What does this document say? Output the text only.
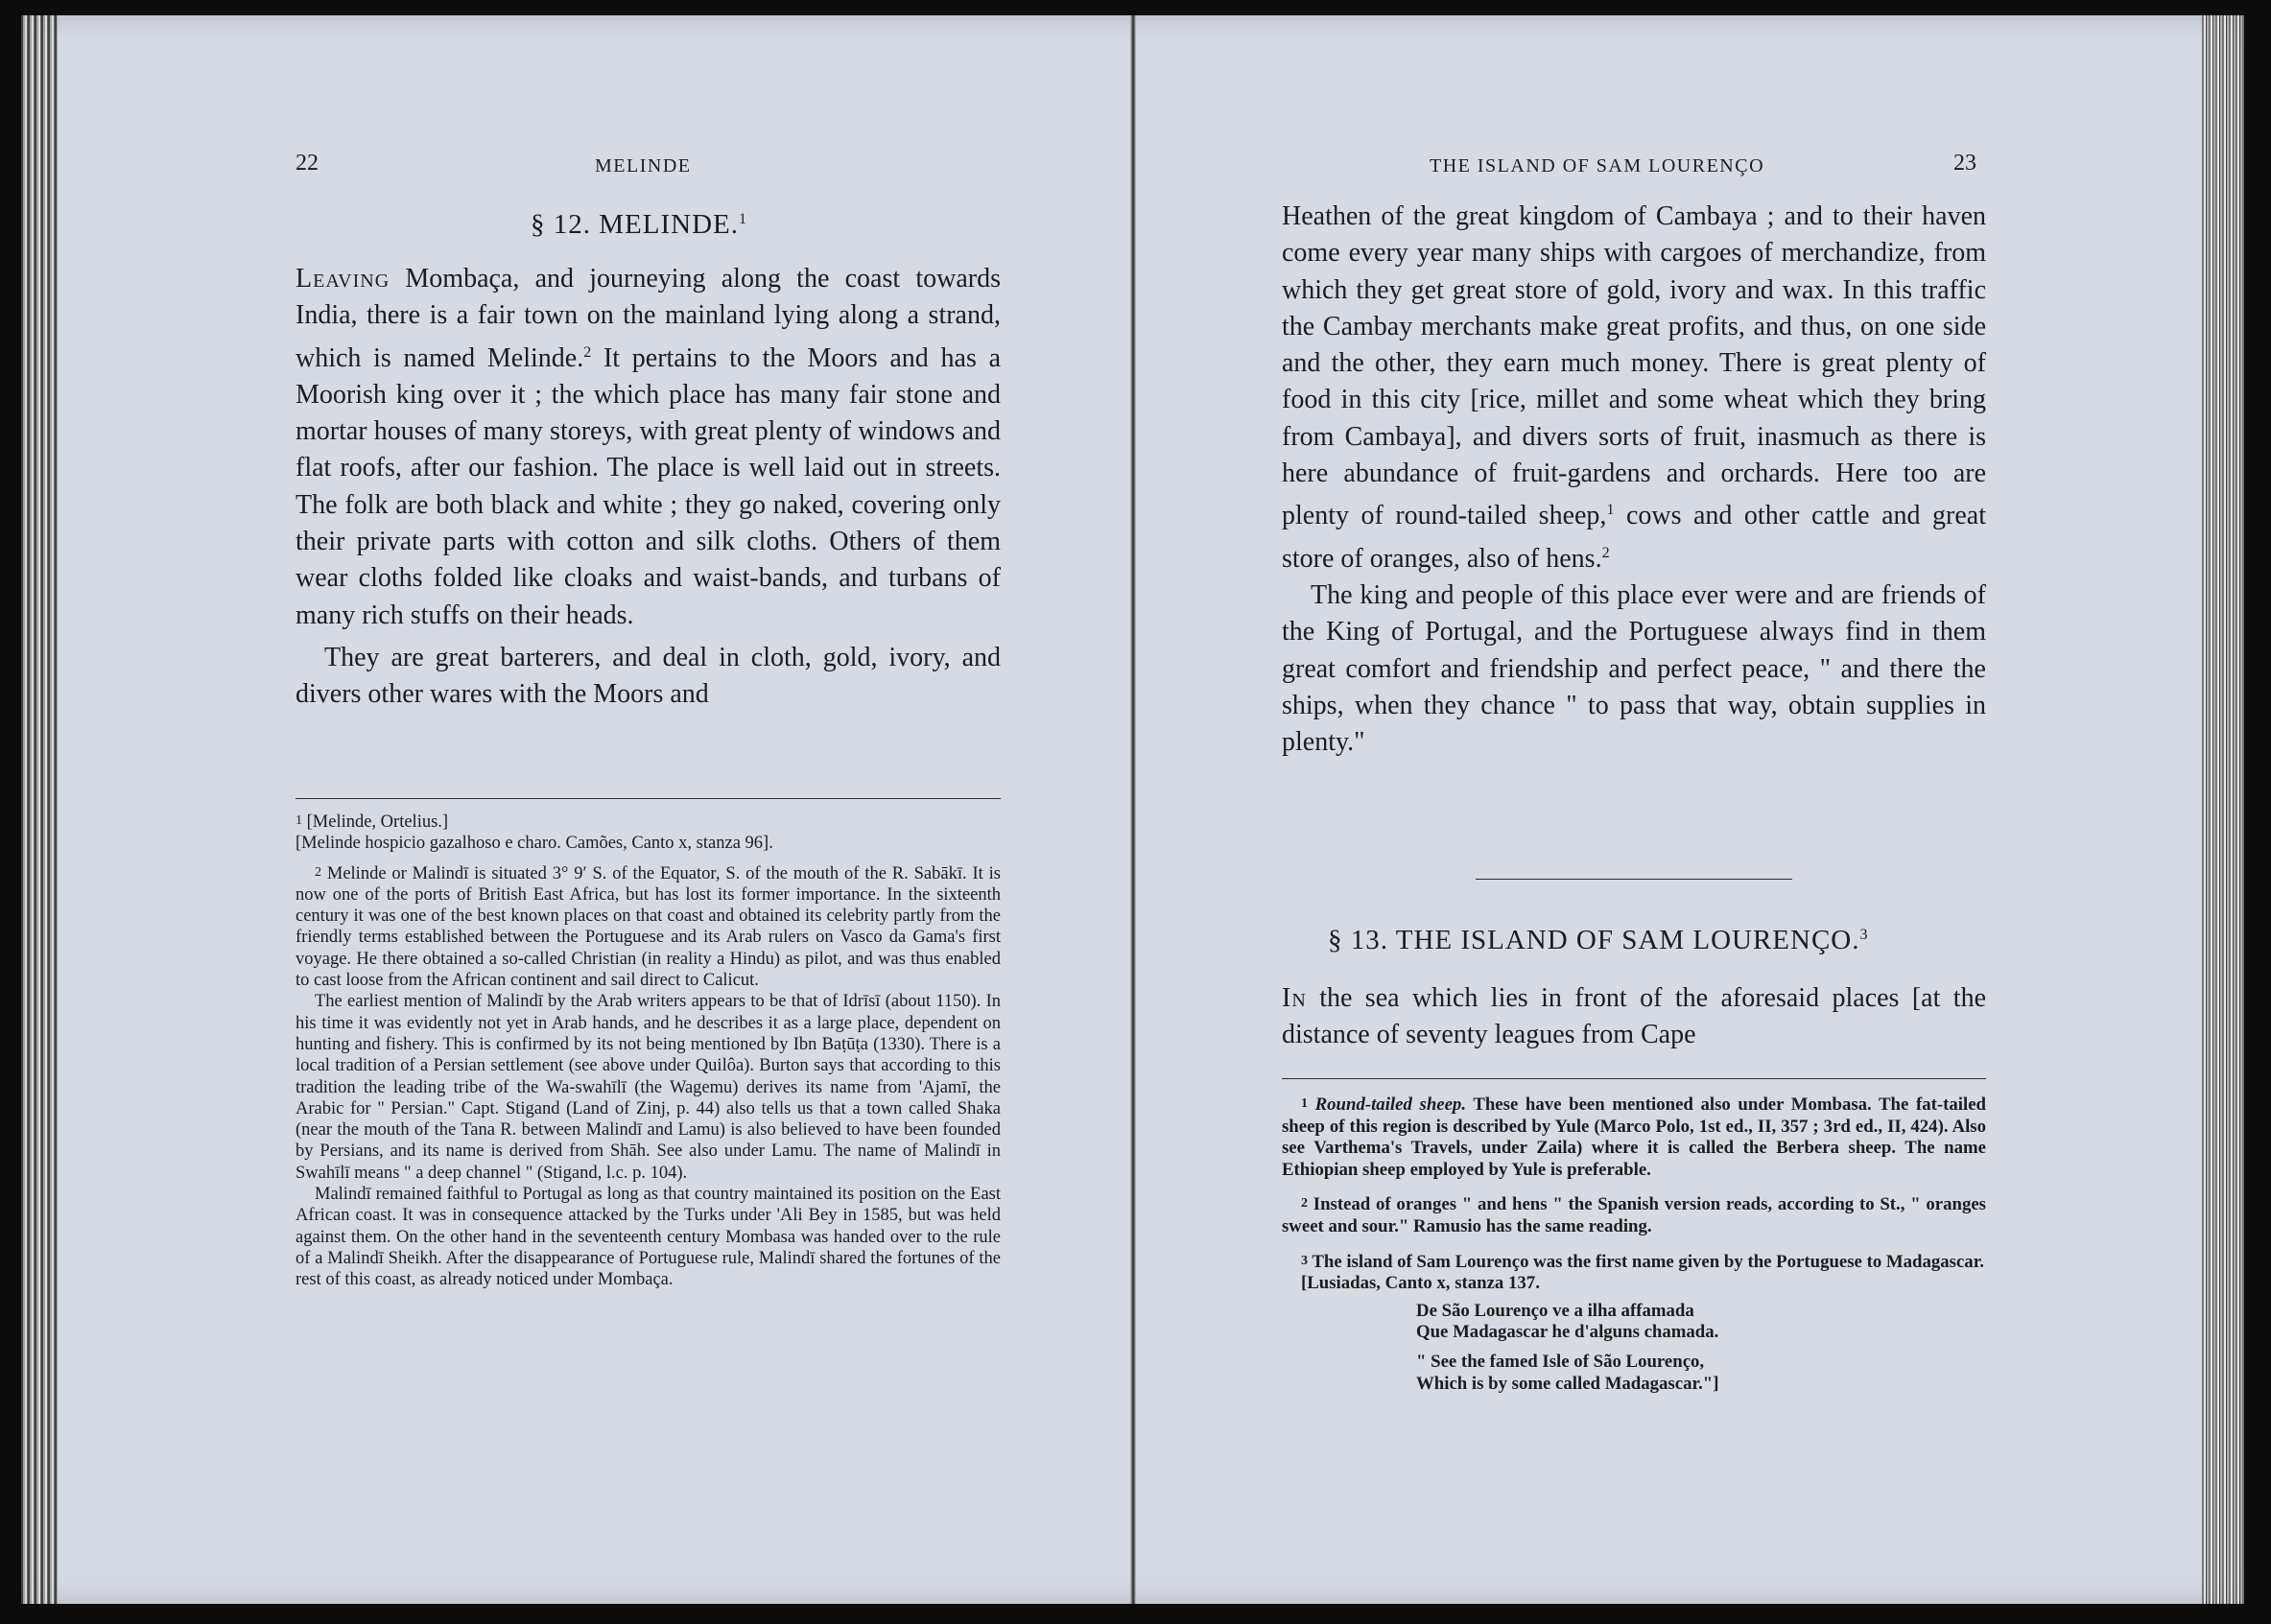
22	MELINDE
§ 12. MELINDE.$^1$

Leaving Mombaça, and journeying along the coast towards India, there is a fair town on the mainland lying along a strand, which is named Melinde.$^2$ It pertains to the Moors and has a Moorish king over it ; the which place has many fair stone and mortar houses of many storeys, with great plenty of windows and flat roofs, after our fashion. The place is well laid out in streets. The folk are both black and white ; they go naked, covering only their private parts with cotton and silk cloths. Others of them wear cloths folded like cloaks and waist-bands, and turbans of many rich stuffs on their heads.

They are great barterers, and deal in cloth, gold, ivory, and divers other wares with the Moors and

1 [Melinde, Ortelius.]

[Melinde hospicio gazalhoso e charo. Camões, Canto x, stanza 96].

2 Melinde or Malindī is situated 3° 9′ S. of the Equator, S. of the mouth of the R. Sabākī. It is now one of the ports of British East Africa, but has lost its former importance. In the sixteenth century it was one of the best known places on that coast and obtained its celebrity partly from the friendly terms established between the Portuguese and its Arab rulers on Vasco da Gama's first voyage. He there obtained a so-called Christian (in reality a Hindu) as pilot, and was thus enabled to cast loose from the African continent and sail direct to Calicut.

The earliest mention of Malindī by the Arab writers appears to be that of Idrīsī (about 1150). In his time it was evidently not yet in Arab hands, and he describes it as a large place, dependent on hunting and fishery. This is confirmed by its not being mentioned by Ibn Baṭūṭa (1330). There is a local tradition of a Persian settlement (see above under Quilôa). Burton says that according to this tradition the leading tribe of the Wa-swahīlī (the Wagemu) derives its name from 'Ajamī, the Arabic for " Persian." Capt. Stigand (Land of Zinj, p. 44) also tells us that a town called Shaka (near the mouth of the Tana R. between Malindī and Lamu) is also believed to have been founded by Persians, and its name is derived from Shāh. See also under Lamu. The name of Malindī in Swahīlī means " a deep channel " (Stigand, l.c. p. 104).

Malindī remained faithful to Portugal as long as that country maintained its position on the East African coast. It was in consequence attacked by the Turks under 'Ali Bey in 1585, but was held against them. On the other hand in the seventeenth century Mombasa was handed over to the rule of a Malindī Sheikh. After the disappearance of Portuguese rule, Malindī shared the fortunes of the rest of this coast, as already noticed under Mombaça.

THE ISLAND OF SAM LOURENÇO	23

Heathen of the great kingdom of Cambaya ; and to their haven come every year many ships with cargoes of merchandize, from which they get great store of gold, ivory and wax. In this traffic the Cambay merchants make great profits, and thus, on one side and the other, they earn much money. There is great plenty of food in this city [rice, millet and some wheat which they bring from Cambaya], and divers sorts of fruit, inasmuch as there is here abundance of fruit-gardens and orchards. Here too are plenty of round-tailed sheep,$^1$ cows and other cattle and great store of oranges, also of hens.$^2$

The king and people of this place ever were and are friends of the King of Portugal, and the Portuguese always find in them great comfort and friendship and perfect peace, " and there the ships, when they chance " to pass that way, obtain supplies in plenty."

§ 13. THE ISLAND OF SAM LOURENÇO.$^3$

In the sea which lies in front of the aforesaid places [at the distance of seventy leagues from Cape

1 Round-tailed sheep. These have been mentioned also under Mombasa. The fat-tailed sheep of this region is described by Yule (Marco Polo, 1st ed., II, 357 ; 3rd ed., II, 424). Also see Varthema's Travels, under Zaila) where it is called the Berbera sheep. The name Ethiopian sheep employed by Yule is preferable.

2 Instead of oranges " and hens " the Spanish version reads, according to St., " oranges sweet and sour." Ramusio has the same reading.

3 The island of Sam Lourenço was the first name given by the Portuguese to Madagascar.

[Lusiadas, Canto x, stanza 137.

De São Lourenço ve a ilha affamada

Que Madagascar he d'alguns chamada.

" See the famed Isle of São Lourenço,

Which is by some called Madagascar."]
